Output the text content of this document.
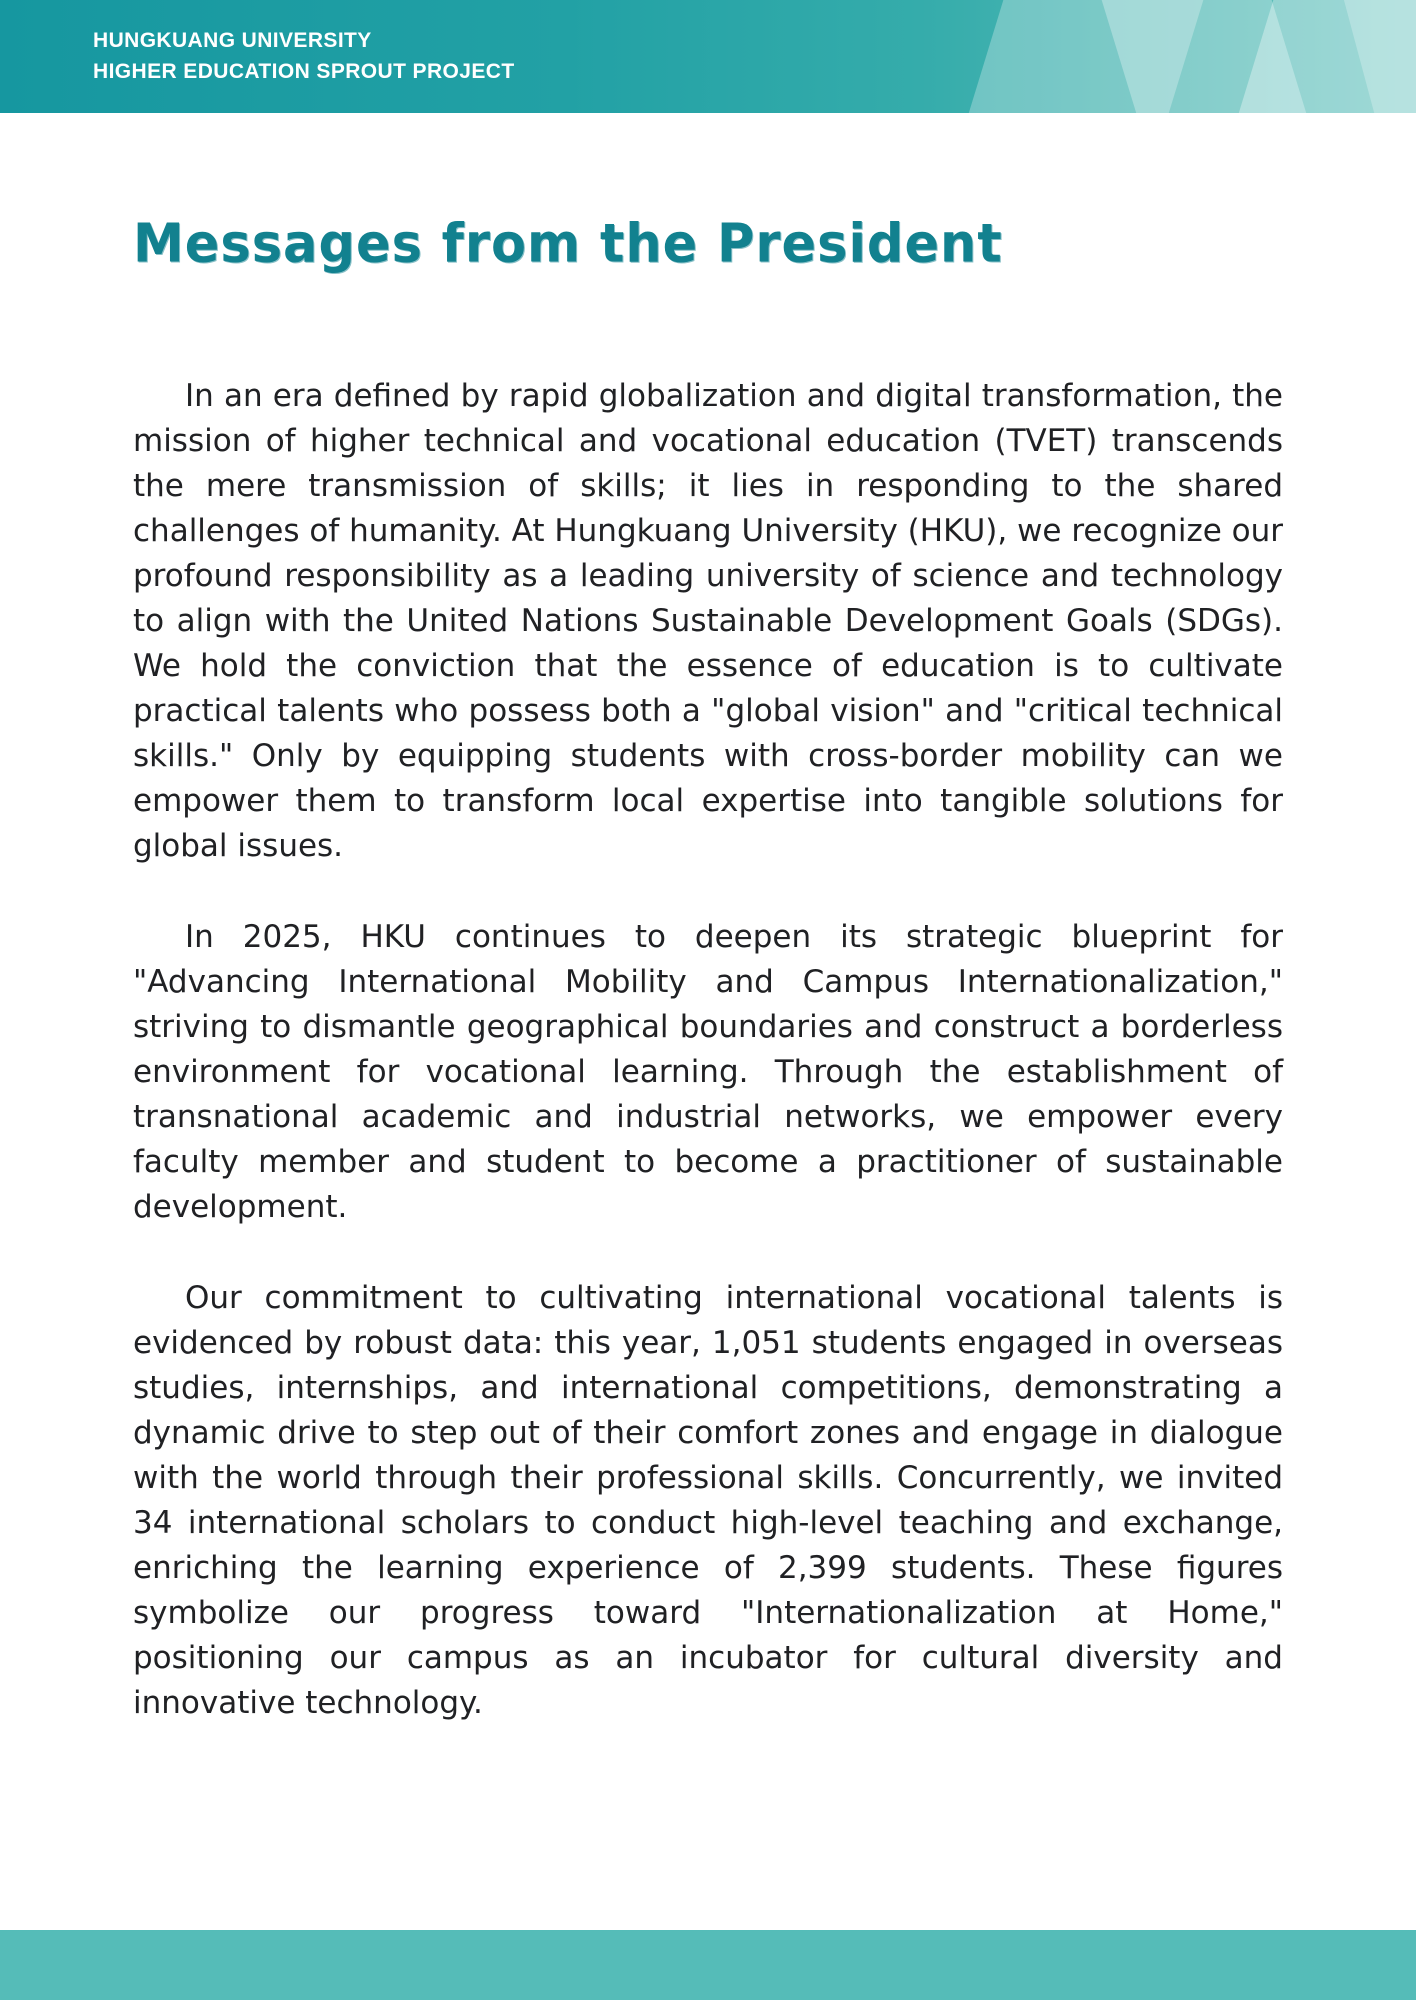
HUNGKUANG UNIVERSITY
HIGHER EDUCATION SPROUT PROJECT
Messages from the President

In an era defined by rapid globalization and digital transformation, the mission of higher technical and vocational education (TVET) transcends the mere transmission of skills; it lies in responding to the shared challenges of humanity. At Hungkuang University (HKU), we recognize our profound responsibility as a leading university of science and technology to align with the United Nations Sustainable Development Goals (SDGs). We hold the conviction that the essence of education is to cultivate practical talents who possess both a "global vision" and "critical technical skills." Only by equipping students with cross-border mobility can we empower them to transform local expertise into tangible solutions for global issues.

In 2025, HKU continues to deepen its strategic blueprint for "Advancing International Mobility and Campus Internationalization," striving to dismantle geographical boundaries and construct a borderless environment for vocational learning. Through the establishment of transnational academic and industrial networks, we empower every faculty member and student to become a practitioner of sustainable development.

Our commitment to cultivating international vocational talents is evidenced by robust data: this year, 1,051 students engaged in overseas studies, internships, and international competitions, demonstrating a dynamic drive to step out of their comfort zones and engage in dialogue with the world through their professional skills. Concurrently, we invited 34 international scholars to conduct high-level teaching and exchange, enriching the learning experience of 2,399 students. These figures symbolize our progress toward "Internationalization at Home," positioning our campus as an incubator for cultural diversity and innovative technology.
